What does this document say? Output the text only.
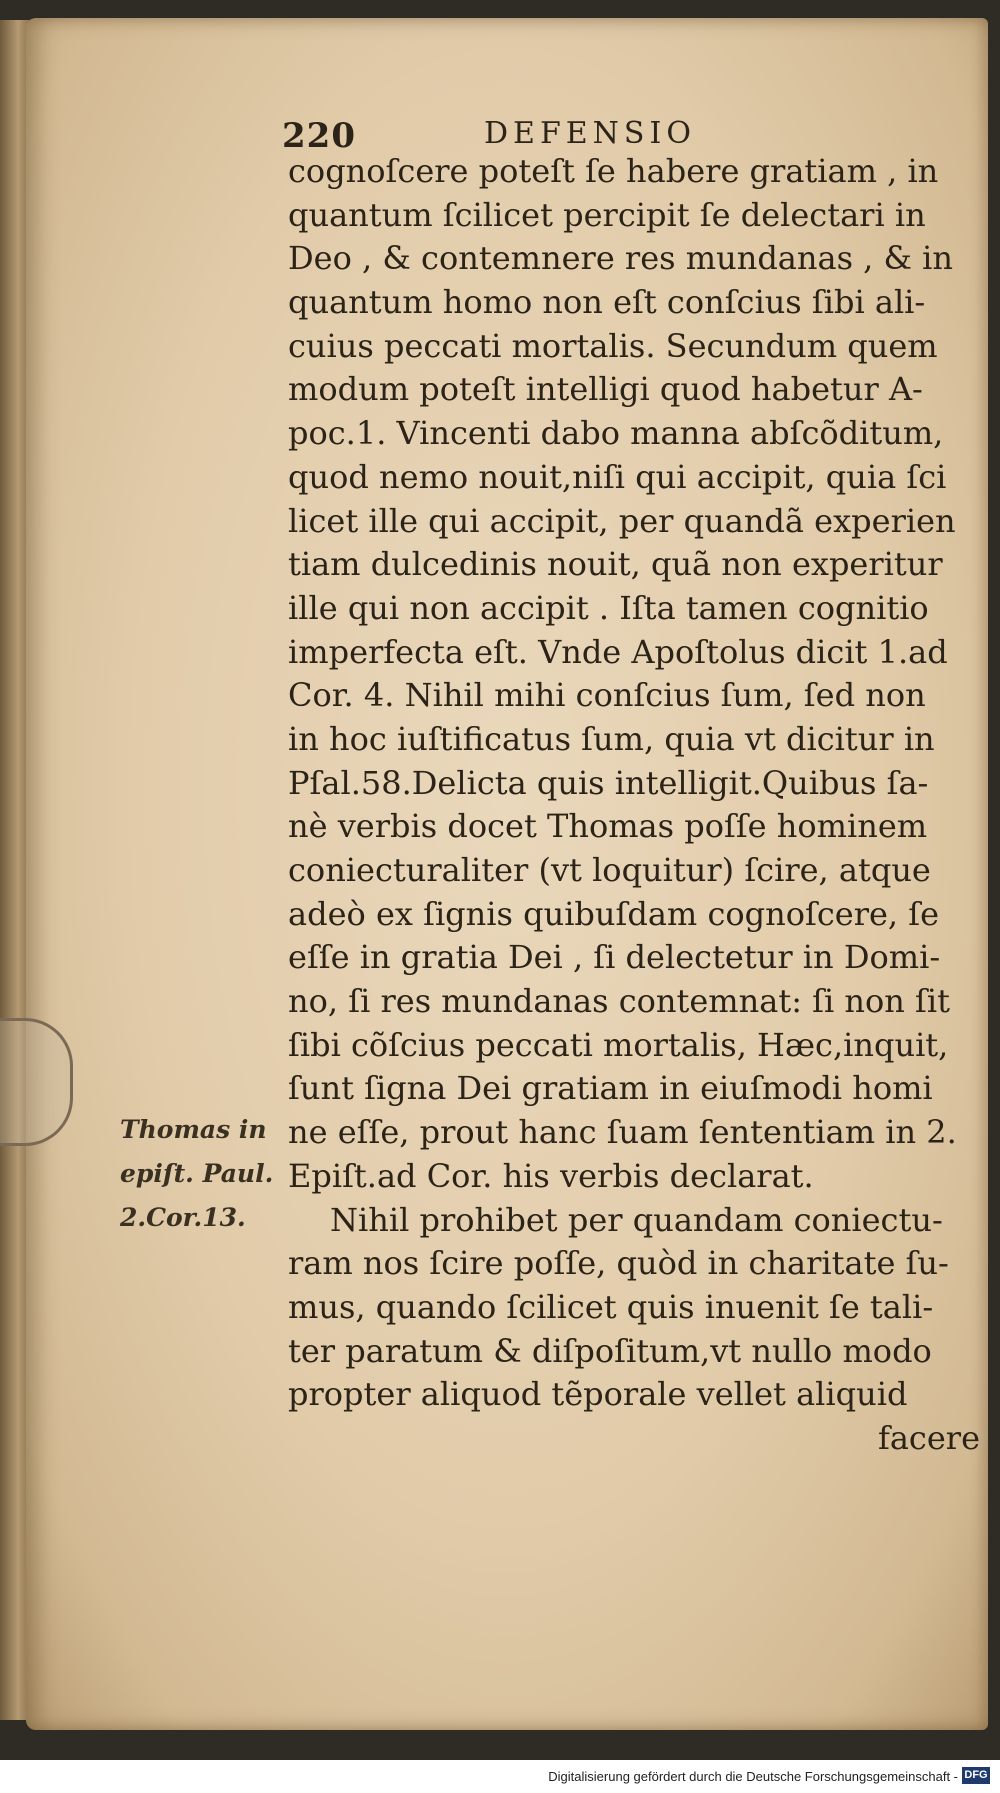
220	DEFENSIO
cognoſcere poteſt ſe habere gratiam , in
quantum ſcilicet percipit ſe delectari in
Deo , & contemnere res mundanas , & in
quantum homo non eſt conſcius ſibi ali-
cuius peccati mortalis. Secundum quem
modum poteſt intelligi quod habetur A-
poc.1. Vincenti dabo manna abſcõditum,
quod nemo nouit,niſi qui accipit, quia ſci
licet ille qui accipit, per quandã experien
tiam dulcedinis nouit, quã non experitur
ille qui non accipit . Iſta tamen cognitio
imperfecta eſt. Vnde Apoſtolus dicit 1.ad
Cor. 4. Nihil mihi conſcius ſum, ſed non
in hoc iuſtificatus ſum, quia vt dicitur in
Pſal.58.Delicta quis intelligit.Quibus ſa-
nè verbis docet Thomas poſſe hominem
coniecturaliter (vt loquitur) ſcire, atque
adeò ex ſignis quibuſdam cognoſcere, ſe
eſſe in gratia Dei , ſi delectetur in Domi-
no, ſi res mundanas contemnat: ſi non ſit
ſibi cõſcius peccati mortalis, Hæc,inquit,
ſunt ſigna Dei gratiam in eiuſmodi homi
ne eſſe, prout hanc ſuam ſententiam in 2.
Epiſt.ad Cor. his verbis declarat.
Nihil prohibet per quandam coniectu-
ram nos ſcire poſſe, quòd in charitate ſu-
mus, quando ſcilicet quis inuenit ſe tali-
ter paratum & diſpoſitum,vt nullo modo
propter aliquod tẽporale vellet aliquid
facere
Thomas in
epiſt. Paul.
2.Cor.13.
Digitalisierung gefördert durch die Deutsche Forschungsgemeinschaft - DFG
